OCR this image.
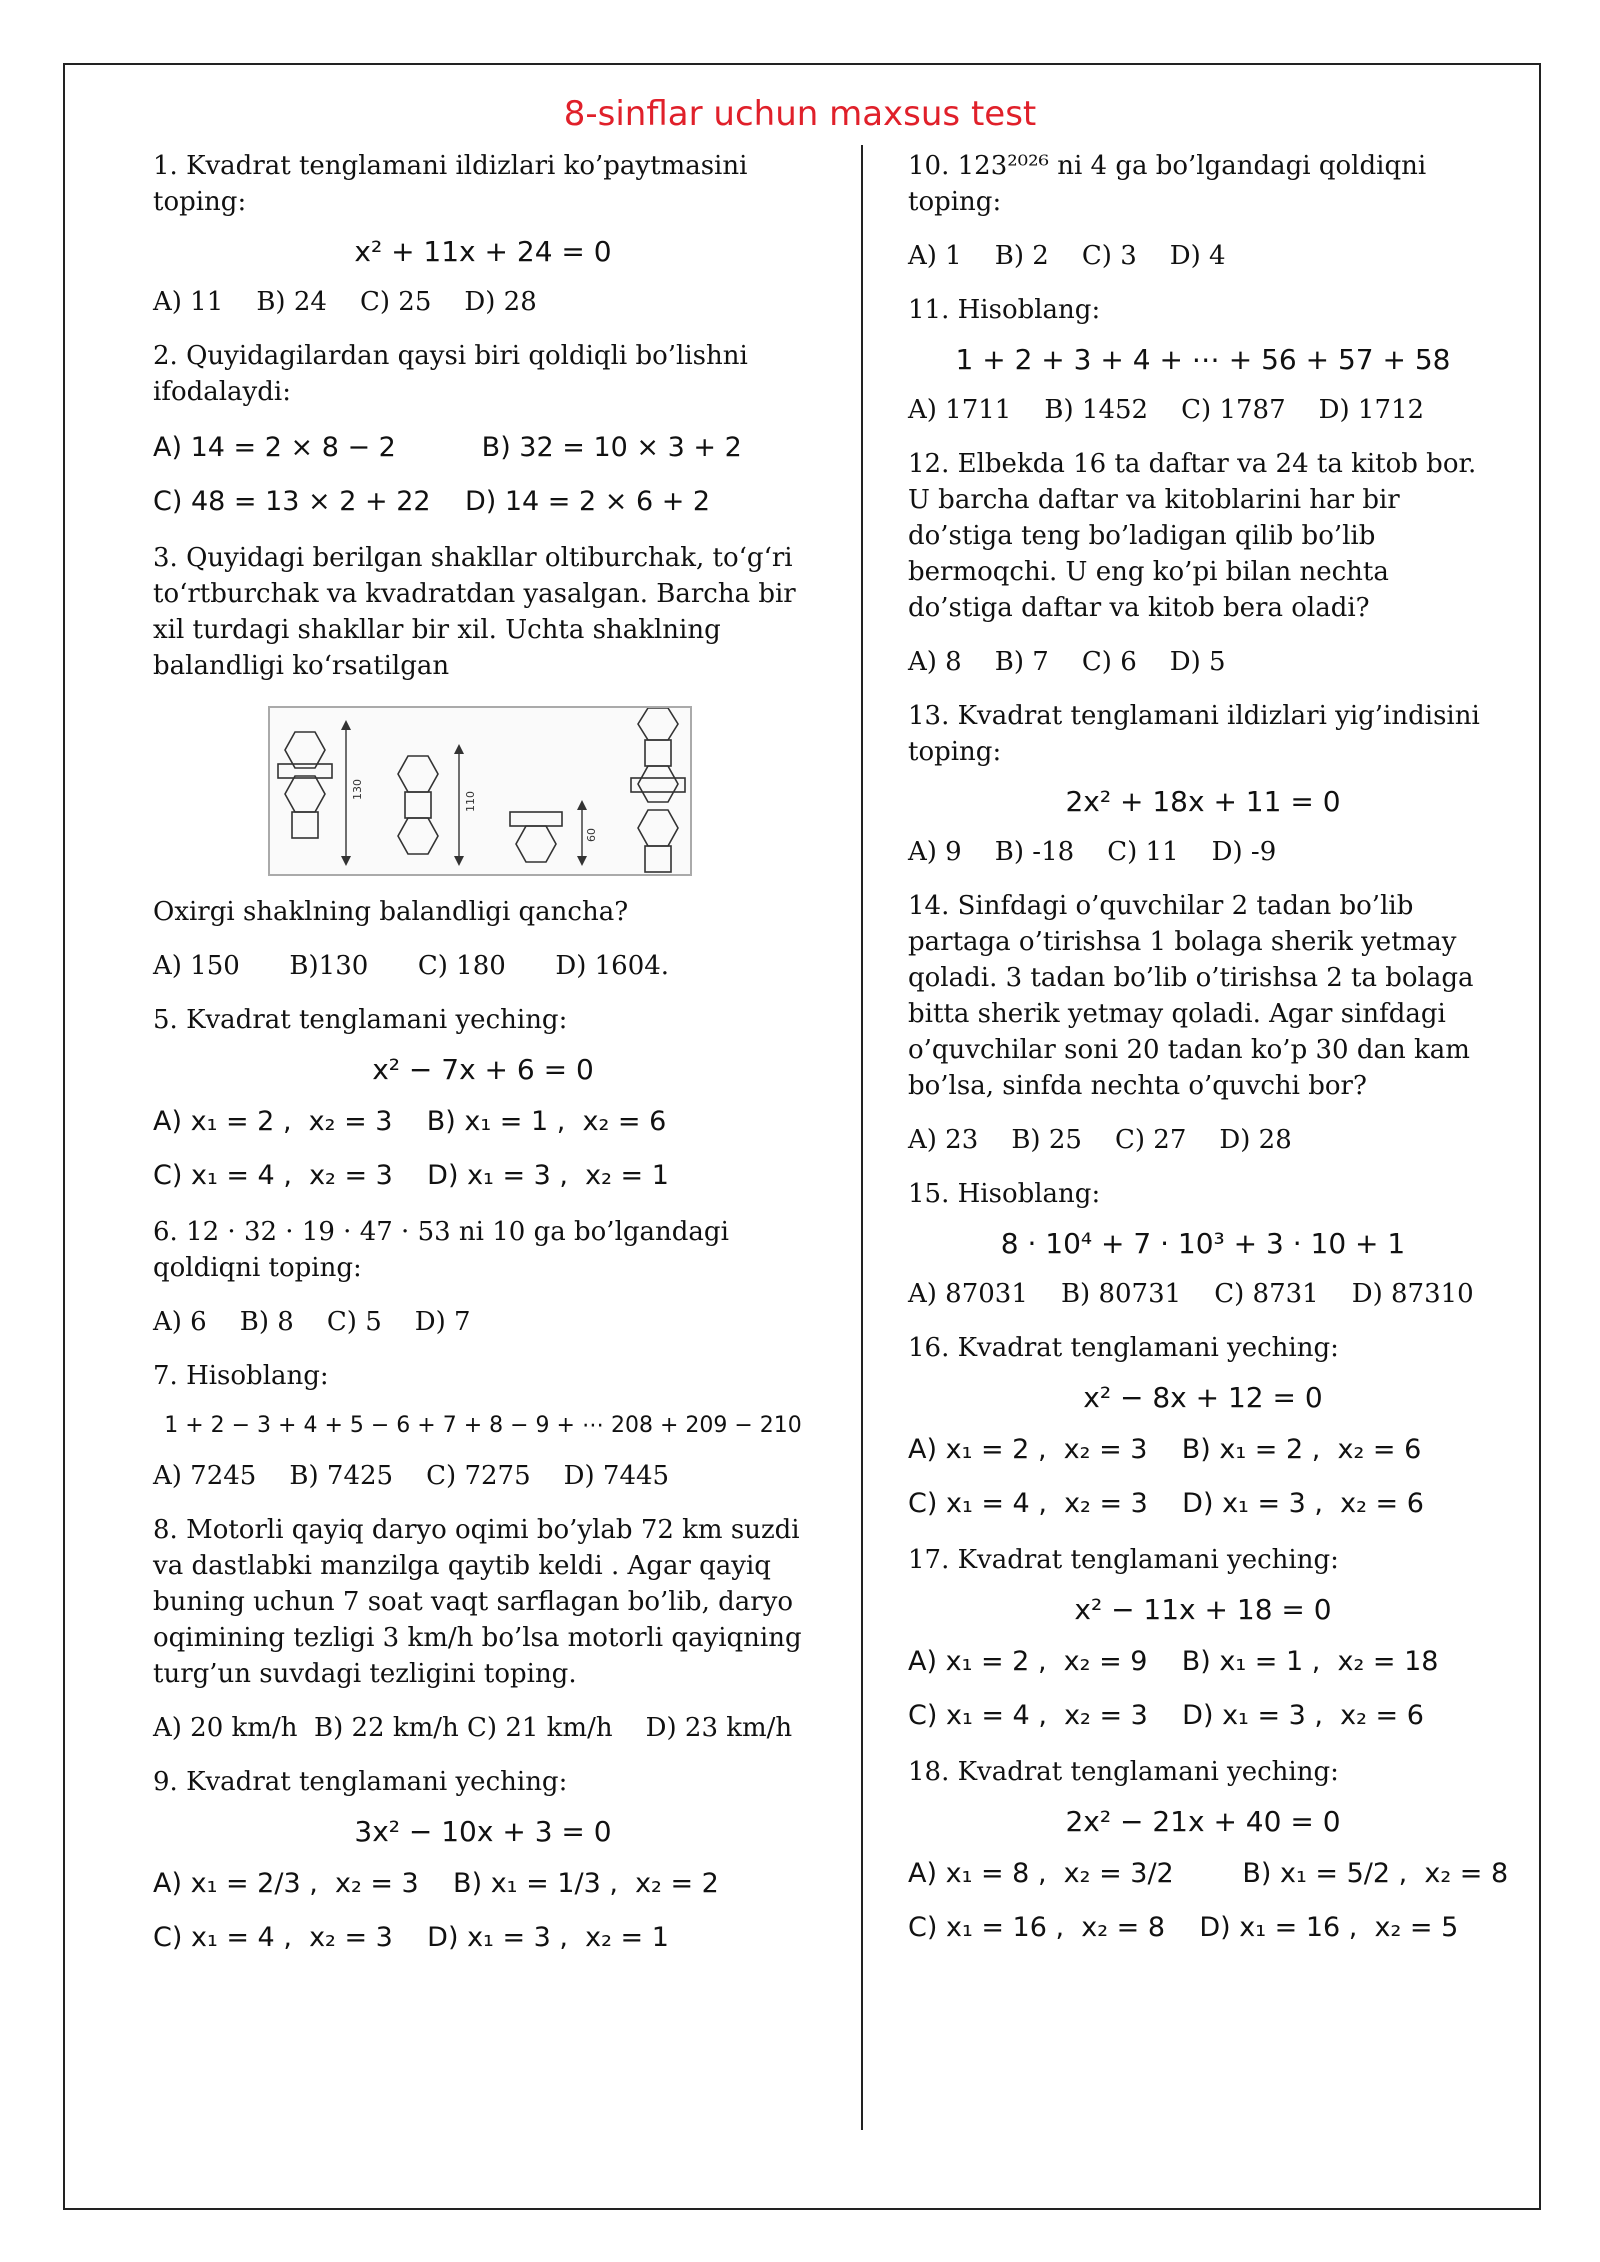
8-sinflar uchun maxsus test

1. Kvadrat tenglamani ildizlari ko’paytmasini toping:

x² + 11x + 24 = 0

A) 11    B) 24    C) 25    D) 28

2. Quyidagilardan qaysi biri qoldiqli bo’lishni ifodalaydi:

A) 14 = 2 × 8 − 2	B) 32 = 10 × 3 + 2

C) 48 = 13 × 2 + 22 D) 14 = 2 × 6 + 2

3. Quyidagi berilgan shakllar oltiburchak, to‘g‘ri to‘rtburchak va kvadratdan yasalgan. Barcha bir xil turdagi shakllar bir xil. Uchta shaklning balandligi ko‘rsatilgan

130
110
60

Oxirgi shaklning balandligi qancha?

A) 150      B)130      C) 180      D) 1604.

5. Kvadrat tenglamani yeching:

x² − 7x + 6 = 0

A) x₁ = 2 ,  x₂ = 3    B) x₁ = 1 ,  x₂ = 6

C) x₁ = 4 ,  x₂ = 3    D) x₁ = 3 ,  x₂ = 1

6. 12 · 32 · 19 · 47 · 53 ni 10 ga bo’lgandagi qoldiqni toping:

A) 6    B) 8    C) 5    D) 7

7. Hisoblang:

1 + 2 − 3 + 4 + 5 − 6 + 7 + 8 − 9 + ⋯ 208 + 209 − 210

A) 7245    B) 7425    C) 7275    D) 7445

8. Motorli qayiq daryo oqimi bo’ylab 72 km suzdi va dastlabki manzilga qaytib keldi . Agar qayiq buning uchun 7 soat vaqt sarflagan bo’lib, daryo oqimining tezligi 3 km/h bo’lsa motorli qayiqning turg’un suvdagi tezligini toping.

A) 20 km/h  B) 22 km/h C) 21 km/h    D) 23 km/h

9. Kvadrat tenglamani yeching:

3x² − 10x + 3 = 0

A) x₁ = 2/3 ,  x₂ = 3    B) x₁ = 1/3 ,  x₂ = 2

C) x₁ = 4 ,  x₂ = 3    D) x₁ = 3 ,  x₂ = 1

10. 123²⁰²⁶ ni 4 ga bo’lgandagi qoldiqni toping:

A) 1    B) 2    C) 3    D) 4

11. Hisoblang:

1 + 2 + 3 + 4 + ⋯ + 56 + 57 + 58

A) 1711    B) 1452    C) 1787    D) 1712

12. Elbekda 16 ta daftar va 24 ta kitob bor. U barcha daftar va kitoblarini har bir do’stiga teng bo’ladigan qilib bo’lib bermoqchi. U eng ko’pi bilan nechta do’stiga daftar va kitob bera oladi?

A) 8    B) 7    C) 6    D) 5

13. Kvadrat tenglamani ildizlari yig’indisini toping:

2x² + 18x + 11 = 0

A) 9    B) -18    C) 11    D) -9

14. Sinfdagi o’quvchilar 2 tadan bo’lib partaga o’tirishsa 1 bolaga sherik yetmay qoladi. 3 tadan bo’lib o’tirishsa 2 ta bolaga bitta sherik yetmay qoladi. Agar sinfdagi o’quvchilar soni 20 tadan ko’p 30 dan kam bo’lsa, sinfda nechta o’quvchi bor?

A) 23    B) 25    C) 27    D) 28

15. Hisoblang:

8 · 10⁴ + 7 · 10³ + 3 · 10 + 1

A) 87031    B) 80731    C) 8731    D) 87310

16. Kvadrat tenglamani yeching:

x² − 8x + 12 = 0

A) x₁ = 2 ,  x₂ = 3    B) x₁ = 2 ,  x₂ = 6

C) x₁ = 4 ,  x₂ = 3    D) x₁ = 3 ,  x₂ = 6

17. Kvadrat tenglamani yeching:

x² − 11x + 18 = 0

A) x₁ = 2 ,  x₂ = 9    B) x₁ = 1 ,  x₂ = 18

C) x₁ = 4 ,  x₂ = 3    D) x₁ = 3 ,  x₂ = 6

18. Kvadrat tenglamani yeching:

2x² − 21x + 40 = 0

A) x₁ = 8 ,  x₂ = 3/2        B) x₁ = 5/2 ,  x₂ = 8

C) x₁ = 16 ,  x₂ = 8    D) x₁ = 16 ,  x₂ = 5
